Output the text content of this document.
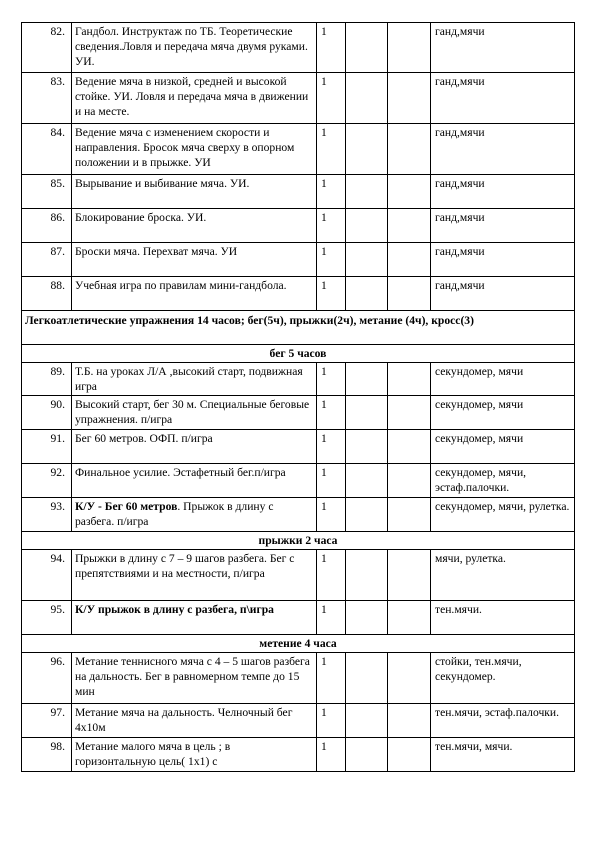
82.	Гандбол. Инструктаж по ТБ. Теоретические сведения.Ловля и передача мяча двумя руками. УИ.	1			ганд,мячи
83.	Ведение мяча в низкой, средней и высокой стойке. УИ. Ловля и передача мяча в движении и на месте.	1			ганд,мячи
84.	Ведение мяча с изменением скорости и направления. Бросок мяча сверху в опорном положении и в прыжке. УИ	1			ганд,мячи
85.	Вырывание и выбивание мяча. УИ.	1			ганд,мячи
86.	Блокирование броска. УИ.	1			ганд,мячи
87.	Броски мяча. Перехват мяча. УИ	1			ганд,мячи
88.	Учебная игра по правилам мини-гандбола.	1			ганд,мячи
Легкоатлетические упражнения 14 часов; бег(5ч), прыжки(2ч), метание (4ч), кросс(3)					
бег 5 часов					
89.	Т.Б. на уроках Л/А ,высокий старт, подвижная игра	1			секундомер, мячи
90.	Высокий старт, бег 30 м. Специальные беговые упражнения. п/игра	1			секундомер, мячи
91.	Бег 60 метров. ОФП. п/игра	1			секундомер, мячи
92.	Финальное усилие. Эстафетный бег.п/игра	1			секундомер, мячи, эстаф.палочки.
93.	К/У - Бег 60 метров. Прыжок в длину с разбега. п/игра	1			секундомер, мячи, рулетка.
прыжки 2 часа					
94.	Прыжки в длину с 7 – 9 шагов разбега. Бег с препятствиями и на местности, п/игра	1			мячи, рулетка.
95.	К/У прыжок в длину с разбега, п\игра	1			тен.мячи.
метение 4 часа					
96.	Метание теннисного мяча с 4 – 5 шагов разбега на дальность. Бег в равномерном темпе до 15 мин	1			стойки, тен.мячи, секундомер.
97.	Метание мяча на дальность. Челночный бег 4х10м	1			тен.мячи, эстаф.палочки.
98.	Метание малого мяча в цель ; в горизонтальную цель( 1х1) с	1			тен.мячи, мячи.
